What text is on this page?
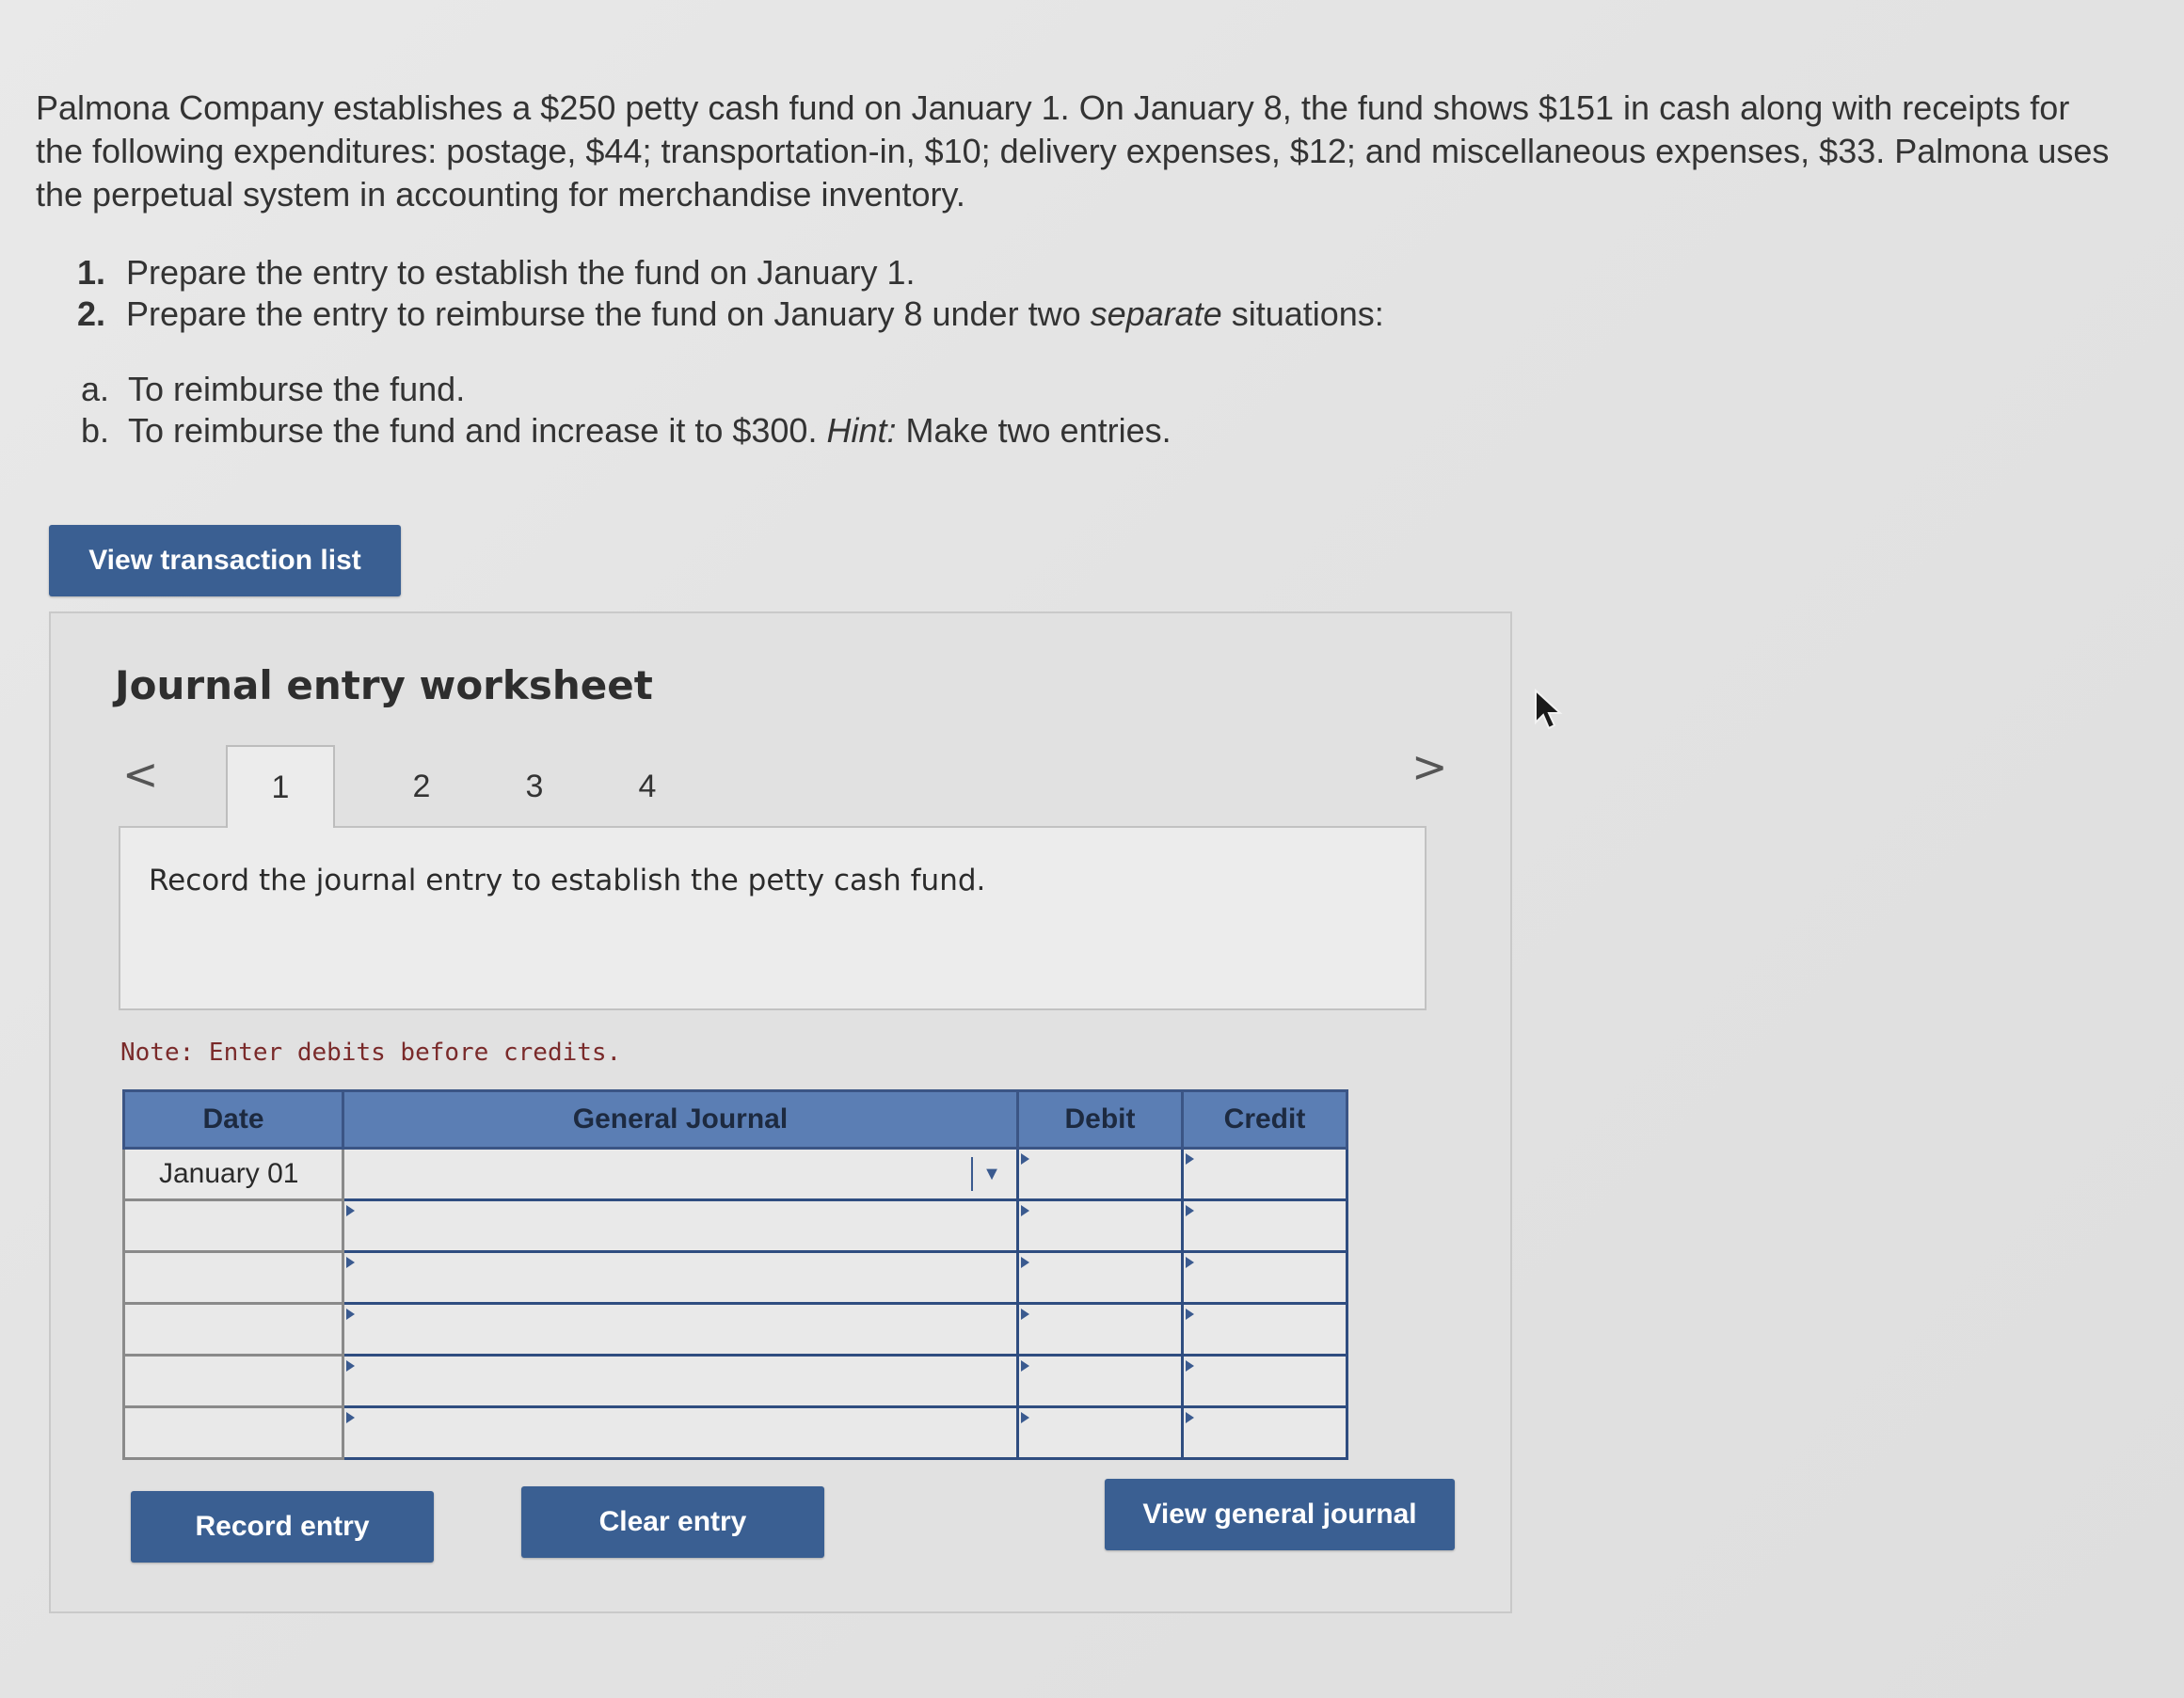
Palmona Company establishes a $250 petty cash fund on January 1. On January 8, the fund shows $151 in cash along with receipts for the following expenditures: postage, $44; transportation-in, $10; delivery expenses, $12; and miscellaneous expenses, $33. Palmona uses the perpetual system in accounting for merchandise inventory.

1. Prepare the entry to establish the fund on January 1.
2. Prepare the entry to reimburse the fund on January 8 under two separate situations:
a. To reimburse the fund.
b. To reimburse the fund and increase it to $300. Hint: Make two entries.
View transaction list
Journal entry worksheet
<	>
1	2	3	4
Record the journal entry to establish the petty cash fund.
Note: Enter debits before credits.
Date	General Journal	Debit	Credit
January 01	▼		

Record entry	Clear entry	View general journal
